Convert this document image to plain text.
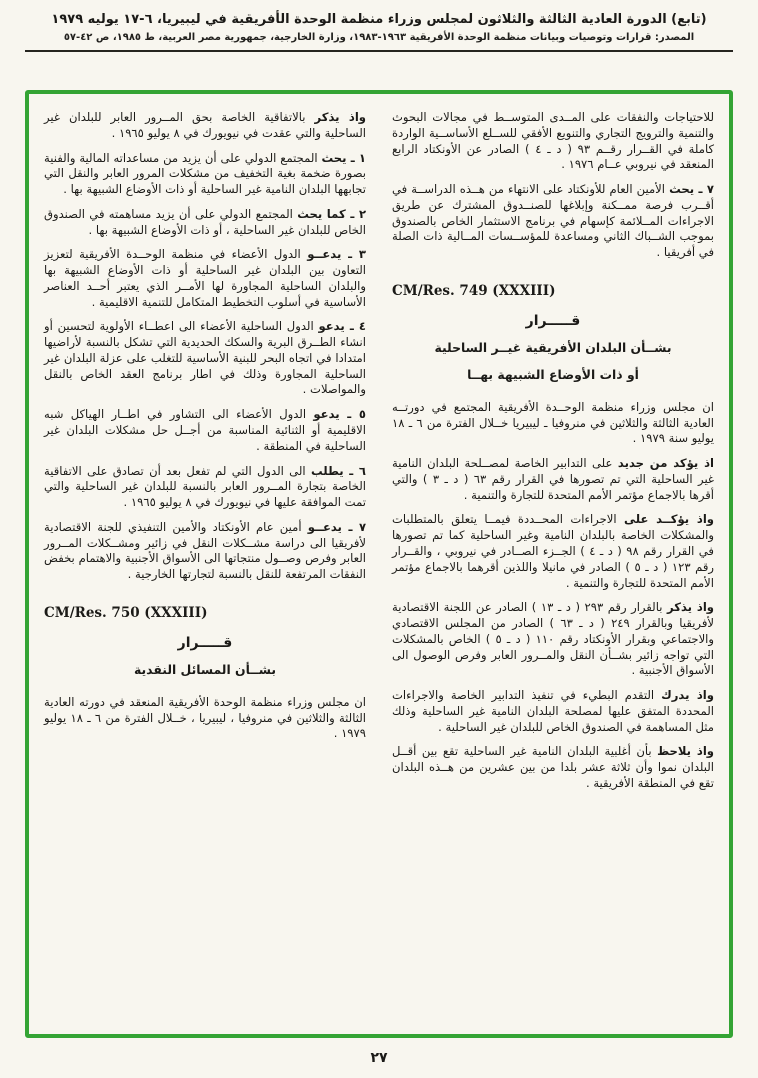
(تابع) الدورة العادية الثالثة والثلاثون لمجلس وزراء منظمة الوحدة الأفريقية في ليبيريا، ٦-١٧ يوليه ١٩٧٩
المصدر: قرارات وتوصيات وبيانات منظمة الوحدة الأفريقية ١٩٦٣-١٩٨٣، وزارة الخارجية، جمهورية مصر العربية، ط ١٩٨٥، ص ٤٢-٥٧

للاحتياجات والنفقات على المــدى المتوســط في مجالات البحوث والتنمية والترويج التجاري والتنويع الأفقي للســلع الأساســية الواردة كاملة في القــرار رقــم ٩٣ ( د ـ ٤ ) الصادر عن الأونكتاد الرابع المنعقد في نيروبي عــام ١٩٧٦ .

٧ ـ يحث الأمين العام للأونكتاد على الانتهاء من هــذه الدراســة في أقــرب فرصة ممــكنة وإبلاغها للصنــدوق المشترك عن طريق الاجراءات المــلائمة كإسهام في برنامج الاستثمار الخاص بالصندوق بموجب الشــباك الثاني ومساعدة للمؤســسات المــالية ذات الصلة في أفريقيا .

CM/Res. 749 (XXXIII)
قـــــرار
بشــأن البلدان الأفريقية غيــر الساحلية
أو ذات الأوضاع الشبيهة بهــا

ان مجلس وزراء منظمة الوحــدة الأفريقية المجتمع في دورتــه العادية الثالثة والثلاثين في منروفيا ـ ليبيريا خــلال الفترة من ٦ ـ ١٨ يوليو سنة ١٩٧٩ .

اذ يؤكد من جديد على التدابير الخاصة لمصــلحة البلدان النامية غير الساحلية التي تم تصورها في القرار رقم ٦٣ ( د ـ ٣ ) والتي أقرها بالاجماع مؤتمر الأمم المتحدة للتجارة والتنمية .

واذ يؤكــد على الاجراءات المحــددة فيمــا يتعلق بالمتطلبات والمشكلات الخاصة بالبلدان النامية وغير الساحلية كما تم تصورها في القرار رقم ٩٨ ( د ـ ٤ ) الجــزء الصــادر في نيروبي ، والقــرار رقم ١٢٣ ( د ـ ٥ ) الصادر في مانيلا واللذين أقرهما بالاجماع مؤتمر الأمم المتحدة للتجارة والتنمية .

واذ يذكر بالقرار رقم ٢٩٣ ( د ـ ١٣ ) الصادر عن اللجنة الاقتصادية لأفريقيا وبالقرار ٢٤٩ ( د ـ ٦٣ ) الصادر من المجلس الاقتصادي والاجتماعي وبقرار الأونكتاد رقم ١١٠ ( د ـ ٥ ) الخاص بالمشكلات التي تواجه زائير بشــأن النقل والمــرور العابر وفرص الوصول الى الأسواق الأجنبية .

واذ يدرك التقدم البطيء في تنفيذ التدابير الخاصة والاجراءات المحددة المتفق عليها لمصلحة البلدان النامية غير الساحلية وذلك مثل المساهمة في الصندوق الخاص للبلدان غير الساحلية .

واذ يلاحظ بأن أغلبية البلدان النامية غير الساحلية تقع بين أقــل البلدان نموا وأن ثلاثة عشر بلدا من بين عشرين من هــذه البلدان تقع في المنطقة الأفريقية .

واذ يذكر بالاتفاقية الخاصة بحق المــرور العابر للبلدان غير الساحلية والتي عقدت في نيويورك في ٨ يوليو ١٩٦٥ .

١ ـ يحث المجتمع الدولي على أن يزيد من مساعداته المالية والفنية بصورة ضخمة بغية التخفيف من مشكلات المرور العابر والنقل التي تجابهها البلدان النامية غير الساحلية أو ذات الأوضاع الشبيهة بها .

٢ ـ كما يحث المجتمع الدولي على أن يزيد مساهمته في الصندوق الخاص للبلدان غير الساحلية ، أو ذات الأوضاع الشبيهة بها .

٣ ـ يدعــو الدول الأعضاء في منظمة الوحــدة الأفريقية لتعزيز التعاون بين البلدان غير الساحلية أو ذات الأوضاع الشبيهة بها والبلدان الساحلية المجاورة لها الأمــر الذي يعتبر أحــد العناصر الأساسية في أسلوب التخطيط المتكامل للتنمية الاقليمية .

٤ ـ يدعو الدول الساحلية الأعضاء الى اعطــاء الأولوية لتحسين أو انشاء الطــرق البرية والسكك الحديدية التي تشكل بالنسبة لأراضيها امتدادا في اتجاه البحر للبنية الأساسية للتغلب على عزلة البلدان غير الساحلية المجاورة وذلك في اطار برنامج العقد الخاص بالنقل والمواصلات .

٥ ـ يدعو الدول الأعضاء الى التشاور في اطــار الهياكل شبه الاقليمية أو الثنائية المناسبة من أجــل حل مشكلات البلدان غير الساحلية في المنطقة .

٦ ـ يطلب الى الدول التي لم تفعل بعد أن تصادق على الاتفاقية الخاصة بتجارة المــرور العابر بالنسبة للبلدان غير الساحلية والتي تمت الموافقة عليها في نيويورك في ٨ يوليو ١٩٦٥ .

٧ ـ يدعــو أمين عام الأونكتاد والأمين التنفيذي للجنة الاقتصادية لأفريقيا الى دراسة مشــكلات النقل في زائير ومشــكلات المــرور العابر وفرص وصــول منتجاتها الى الأسواق الأجنبية والاهتمام بخفض النفقات المرتفعة للنقل بالنسبة لتجارتها الخارجية .

CM/Res. 750 (XXXIII)
قـــــرار
بشــأن المسائل النقدية

ان مجلس وزراء منظمة الوحدة الأفريقية المنعقد في دورته العادية الثالثة والثلاثين في منروفيا ، ليبيريا ، خــلال الفترة من ٦ ـ ١٨ يوليو ١٩٧٩ .

٢٧
